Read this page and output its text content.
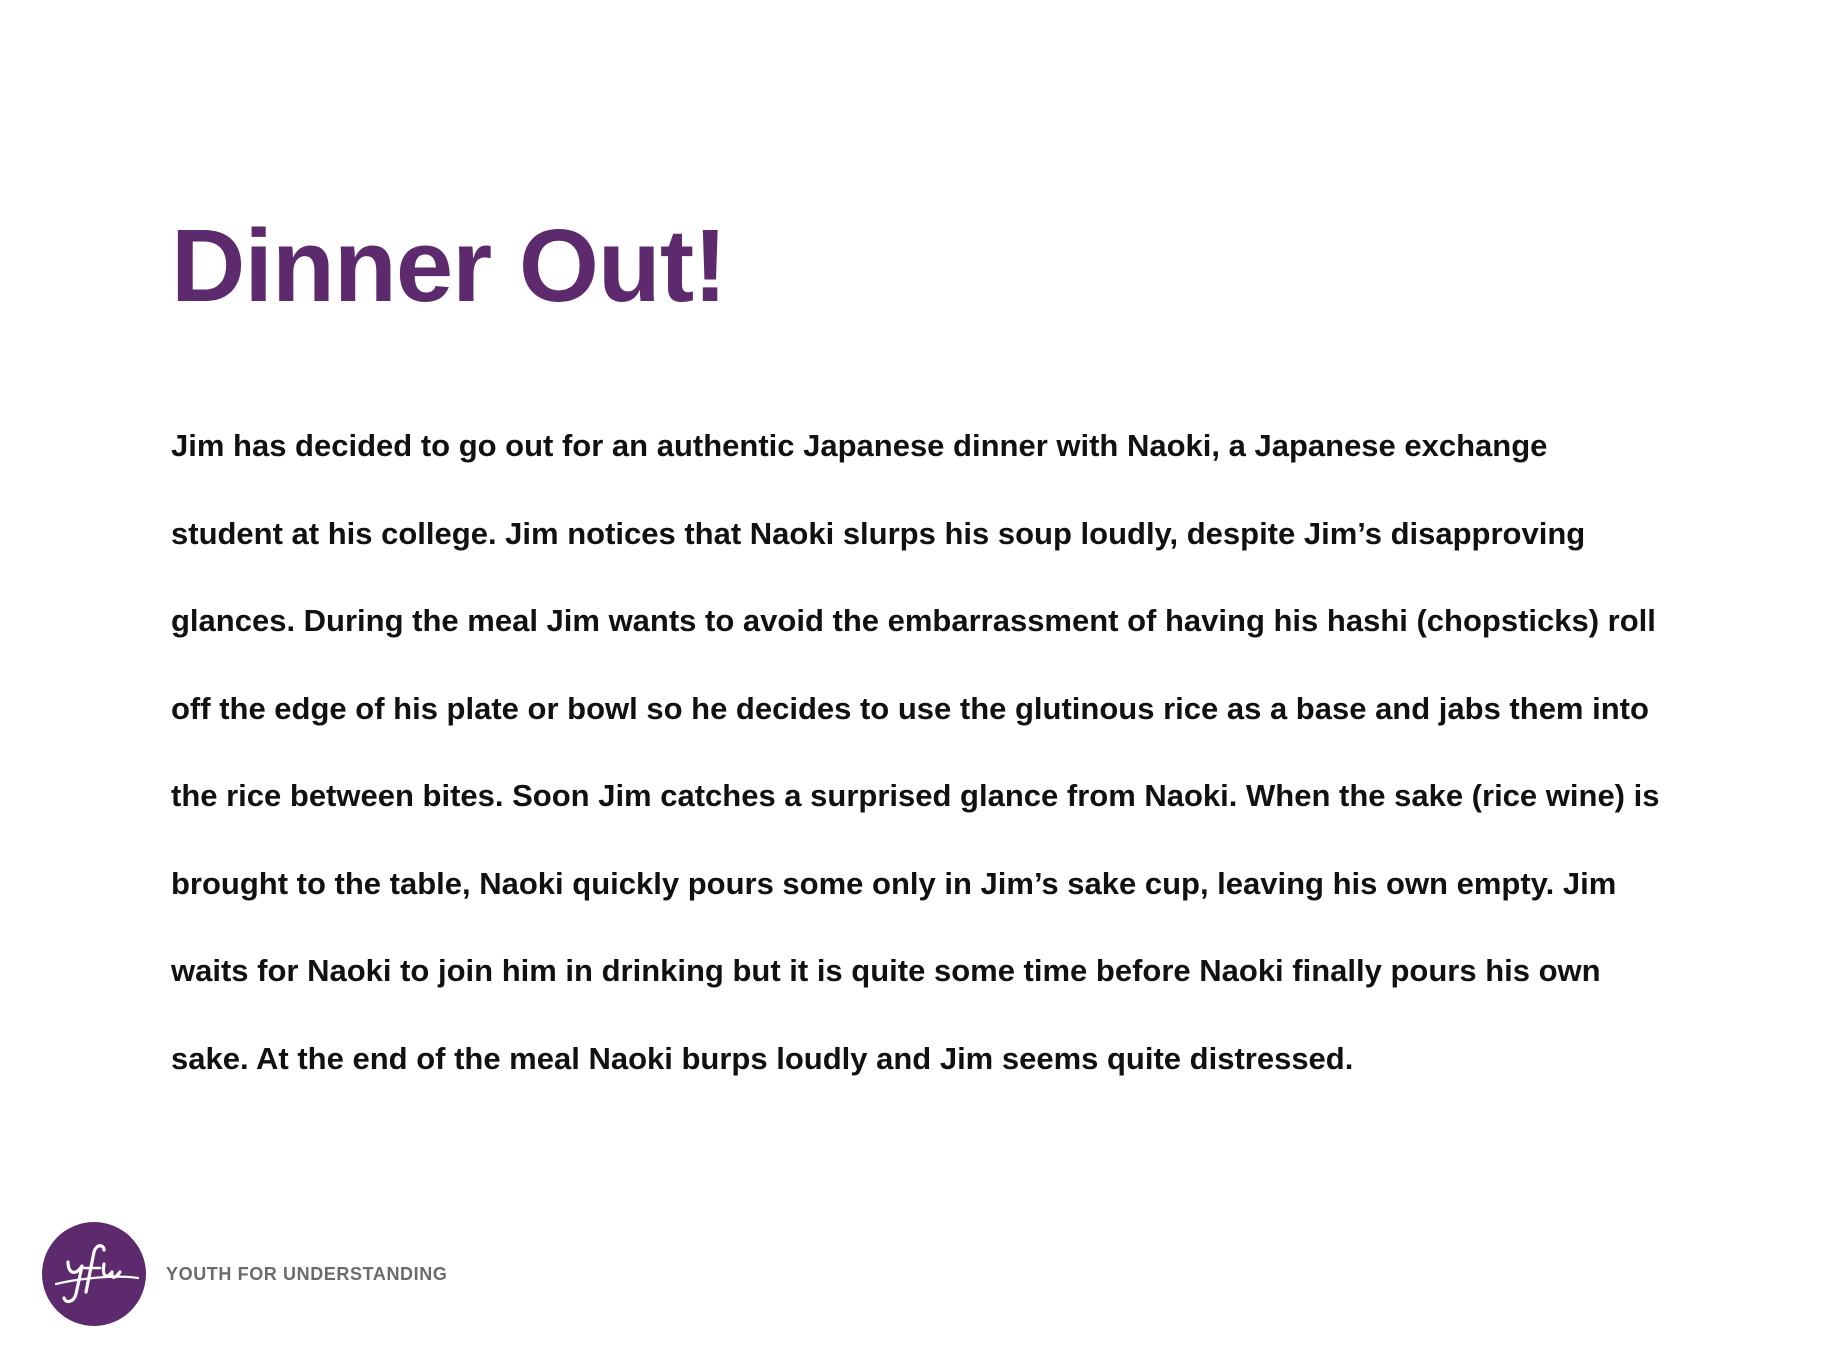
Dinner Out!
Jim has decided to go out for an authentic Japanese dinner with Naoki, a Japanese exchange
student at his college. Jim notices that Naoki slurps his soup loudly, despite Jim’s disapproving
glances. During the meal Jim wants to avoid the embarrassment of having his hashi (chopsticks) roll
off the edge of his plate or bowl so he decides to use the glutinous rice as a base and jabs them into
the rice between bites. Soon Jim catches a surprised glance from Naoki. When the sake (rice wine) is
brought to the table, Naoki quickly pours some only in Jim’s sake cup, leaving his own empty. Jim
waits for Naoki to join him in drinking but it is quite some time before Naoki finally pours his own
sake. At the end of the meal Naoki burps loudly and Jim seems quite distressed.
YOUTH FOR UNDERSTANDING
